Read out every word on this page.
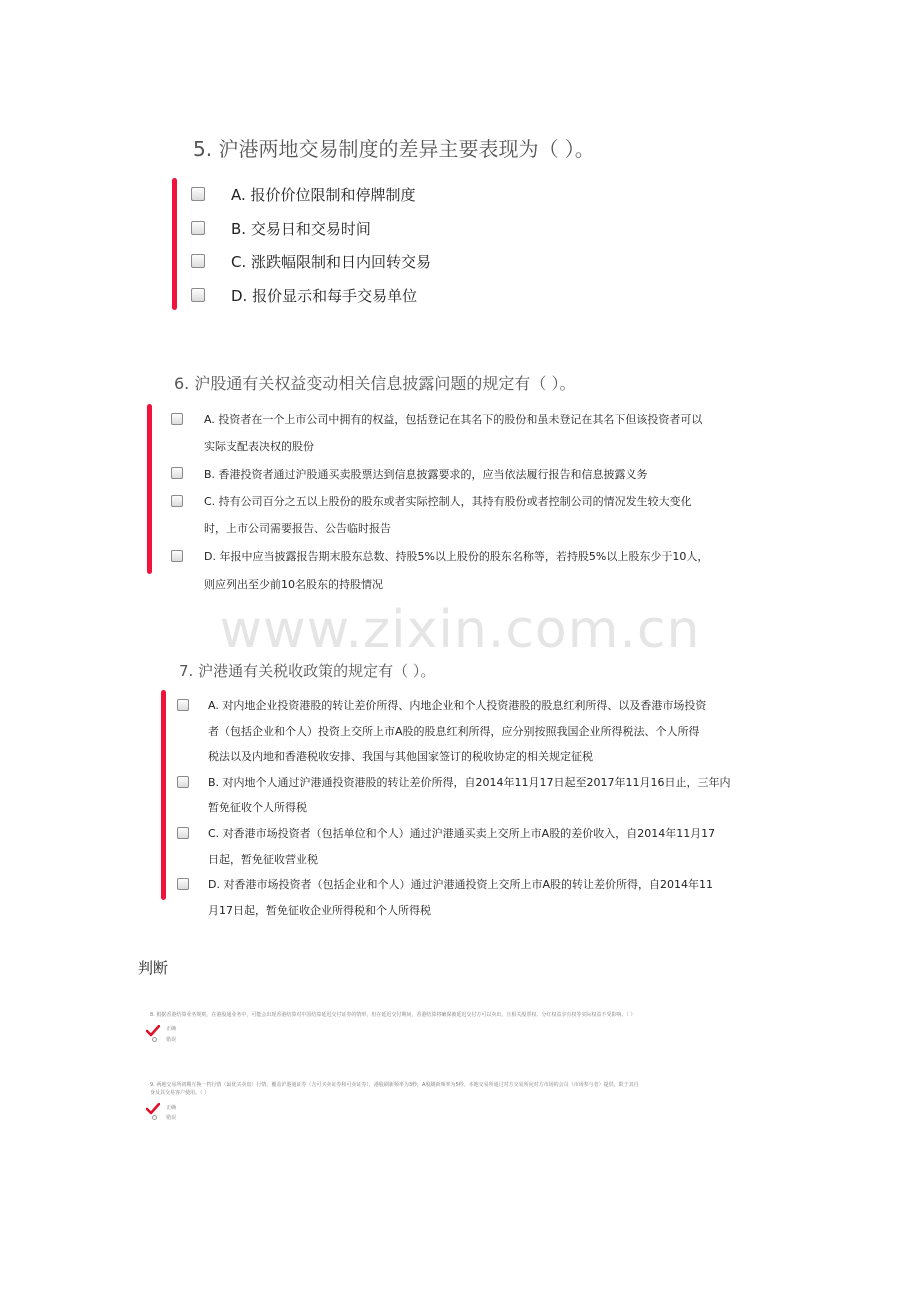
www.zixin.com.cn
5. 沪港两地交易制度的差异主要表现为（ ）。
A. 报价价位限制和停牌制度
B. 交易日和交易时间
C. 涨跌幅限制和日内回转交易
D. 报价显示和每手交易单位
6. 沪股通有关权益变动相关信息披露问题的规定有（ ）。
A. 投资者在一个上市公司中拥有的权益，包括登记在其名下的股份和虽未登记在其名下但该投资者可以
实际支配表决权的股份
B. 香港投资者通过沪股通买卖股票达到信息披露要求的，应当依法履行报告和信息披露义务
C. 持有公司百分之五以上股份的股东或者实际控制人，其持有股份或者控制公司的情况发生较大变化
时，上市公司需要报告、公告临时报告
D. 年报中应当披露报告期末股东总数、持股5%以上股份的股东名称等，若持股5%以上股东少于10人，
则应列出至少前10名股东的持股情况
7. 沪港通有关税收政策的规定有（ ）。
A. 对内地企业投资港股的转让差价所得、内地企业和个人投资港股的股息红利所得、以及香港市场投资
者（包括企业和个人）投资上交所上市A股的股息红利所得，应分别按照我国企业所得税法、个人所得
税法以及内地和香港税收安排、我国与其他国家签订的税收协定的相关规定征税
B. 对内地个人通过沪港通投资港股的转让差价所得，自2014年11月17日起至2017年11月16日止，三年内
暂免征收个人所得税
C. 对香港市场投资者（包括单位和个人）通过沪港通买卖上交所上市A股的差价收入，自2014年11月17
日起，暂免征收营业税
D. 对香港市场投资者（包括企业和个人）通过沪港通投资上交所上市A股的转让差价所得，自2014年11
月17日起，暂免征收企业所得税和个人所得税
判断
8. 根据香港结算业务规则，在港股通业务中，可能会出现香港结算对中国结算延迟交付证券的情形，但在延迟交付期间，香港结算将确保被延迟交付方可以卖出，且相关股票权、分红权益享有权等实际权益不受影响。（ ）
正确
错误
9. 两地交易所初期互换一档行情（最优买卖盘）行情，覆盖沪港通证券（含可买卖证券和可卖证券），港股刷新频率为3秒，A股刷新频率为5秒。本地交易所通过对方交易所向对方市场的会员（市场参与者）提供，限于其自
身及其交易客户使用。（ ）
正确
错误
